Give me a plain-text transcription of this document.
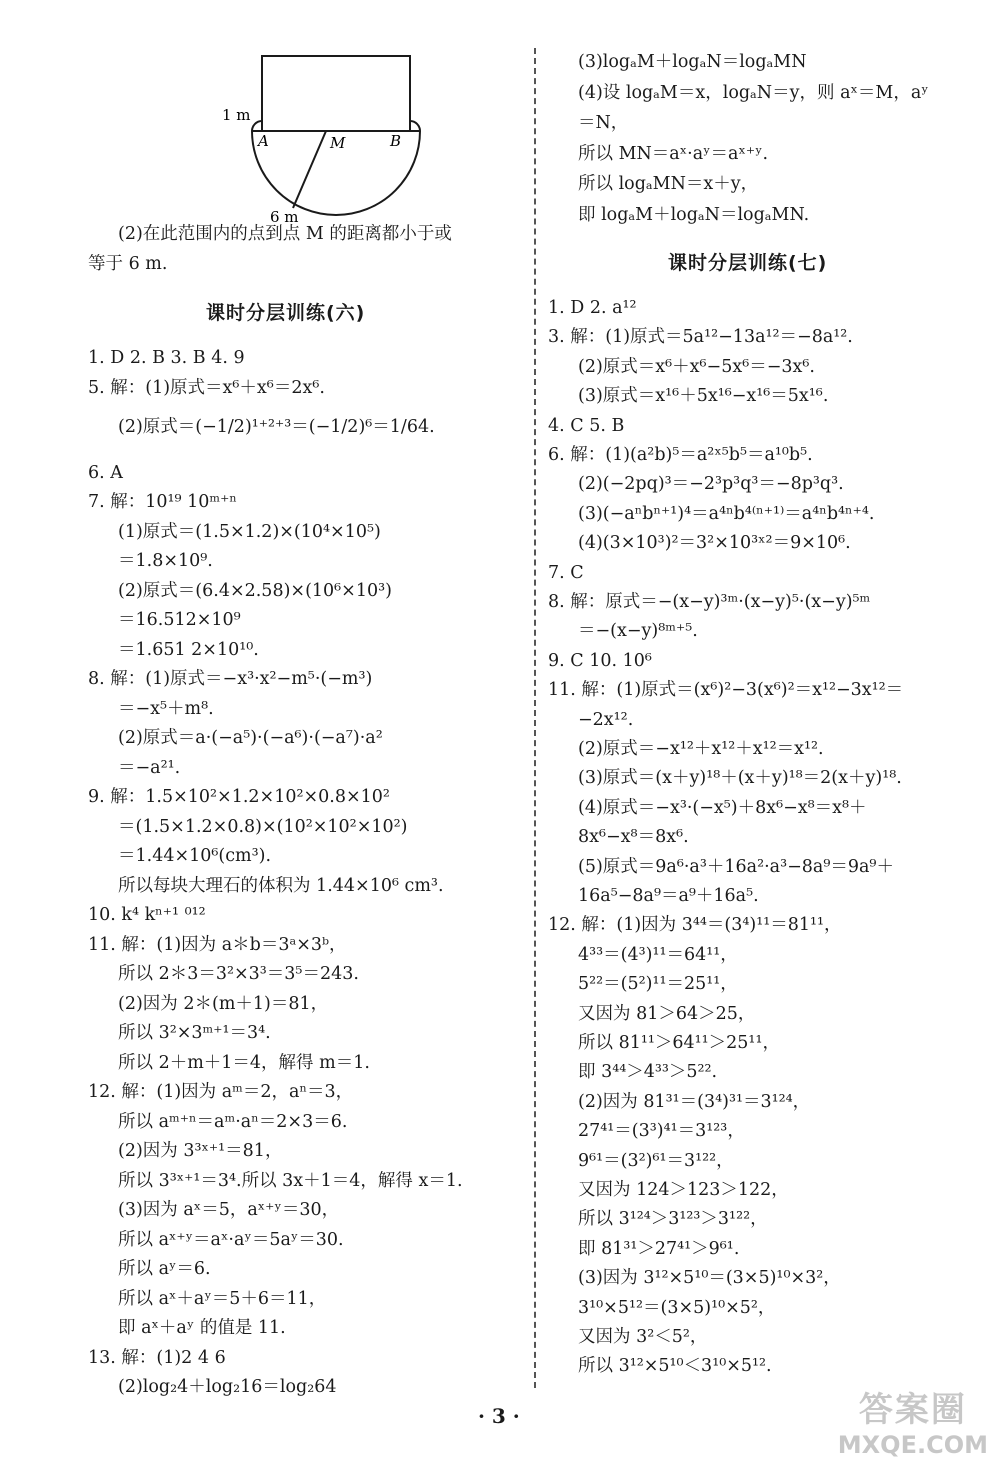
1 m
A	M	B
6 m
(2)在此范围内的点到点 M 的距离都小于或
等于 6 m.
课时分层训练(六)
1. D 2. B 3. B 4. 9
5. 解：(1)原式＝x⁶＋x⁶＝2x⁶.
(2)原式＝(−1/2)¹⁺²⁺³＝(−1/2)⁶＝1/64.
6. A
7. 解：10¹⁹ 10ᵐ⁺ⁿ
(1)原式＝(1.5×1.2)×(10⁴×10⁵)
＝1.8×10⁹.
(2)原式＝(6.4×2.58)×(10⁶×10³)
＝16.512×10⁹
＝1.651 2×10¹⁰.
8. 解：(1)原式＝−x³·x²−m⁵·(−m³)
＝−x⁵＋m⁸.
(2)原式＝a·(−a⁵)·(−a⁶)·(−a⁷)·a²
＝−a²¹.
9. 解：1.5×10²×1.2×10²×0.8×10²
＝(1.5×1.2×0.8)×(10²×10²×10²)
＝1.44×10⁶(cm³).
所以每块大理石的体积为 1.44×10⁶ cm³.
10. k⁴ kⁿ⁺¹ ⁰¹²
11. 解：(1)因为 a＊b＝3ᵃ×3ᵇ，
所以 2＊3＝3²×3³＝3⁵＝243.
(2)因为 2＊(m＋1)＝81，
所以 3²×3ᵐ⁺¹＝3⁴.
所以 2＋m＋1＝4，解得 m＝1.
12. 解：(1)因为 aᵐ＝2，aⁿ＝3，
所以 aᵐ⁺ⁿ＝aᵐ·aⁿ＝2×3＝6.
(2)因为 3³ˣ⁺¹＝81，
所以 3³ˣ⁺¹＝3⁴.所以 3x＋1＝4，解得 x＝1.
(3)因为 aˣ＝5，aˣ⁺ʸ＝30，
所以 aˣ⁺ʸ＝aˣ·aʸ＝5aʸ＝30.
所以 aʸ＝6.
所以 aˣ＋aʸ＝5＋6＝11，
即 aˣ＋aʸ 的值是 11.
13. 解：(1)2 4 6
(2)log₂4＋log₂16＝log₂64
(3)logₐM＋logₐN＝logₐMN
(4)设 logₐM＝x，logₐN＝y，则 aˣ＝M，aʸ
＝N，
所以 MN＝aˣ·aʸ＝aˣ⁺ʸ.
所以 logₐMN＝x＋y，
即 logₐM＋logₐN＝logₐMN.
课时分层训练(七)
1. D 2. a¹²
3. 解：(1)原式＝5a¹²−13a¹²＝−8a¹².
(2)原式＝x⁶＋x⁶−5x⁶＝−3x⁶.
(3)原式＝x¹⁶＋5x¹⁶−x¹⁶＝5x¹⁶.
4. C 5. B
6. 解：(1)(a²b)⁵＝a²ˣ⁵b⁵＝a¹⁰b⁵.
(2)(−2pq)³＝−2³p³q³＝−8p³q³.
(3)(−aⁿbⁿ⁺¹)⁴＝a⁴ⁿb⁴⁽ⁿ⁺¹⁾＝a⁴ⁿb⁴ⁿ⁺⁴.
(4)(3×10³)²＝3²×10³ˣ²＝9×10⁶.
7. C
8. 解：原式＝−(x−y)³ᵐ·(x−y)⁵·(x−y)⁵ᵐ
＝−(x−y)⁸ᵐ⁺⁵.
9. C 10. 10⁶
11. 解：(1)原式＝(x⁶)²−3(x⁶)²＝x¹²−3x¹²＝
−2x¹².
(2)原式＝−x¹²＋x¹²＋x¹²＝x¹².
(3)原式＝(x＋y)¹⁸＋(x＋y)¹⁸＝2(x＋y)¹⁸.
(4)原式＝−x³·(−x⁵)＋8x⁶−x⁸＝x⁸＋
8x⁶−x⁸＝8x⁶.
(5)原式＝9a⁶·a³＋16a²·a³−8a⁹＝9a⁹＋
16a⁵−8a⁹＝a⁹＋16a⁵.
12. 解：(1)因为 3⁴⁴＝(3⁴)¹¹＝81¹¹，
4³³＝(4³)¹¹＝64¹¹，
5²²＝(5²)¹¹＝25¹¹，
又因为 81＞64＞25，
所以 81¹¹＞64¹¹＞25¹¹，
即 3⁴⁴＞4³³＞5²².
(2)因为 81³¹＝(3⁴)³¹＝3¹²⁴，
27⁴¹＝(3³)⁴¹＝3¹²³，
9⁶¹＝(3²)⁶¹＝3¹²²，
又因为 124＞123＞122，
所以 3¹²⁴＞3¹²³＞3¹²²，
即 81³¹＞27⁴¹＞9⁶¹.
(3)因为 3¹²×5¹⁰＝(3×5)¹⁰×3²，
3¹⁰×5¹²＝(3×5)¹⁰×5²，
又因为 3²＜5²，
所以 3¹²×5¹⁰＜3¹⁰×5¹².
· 3 ·	答案圈
MXQE.COM
